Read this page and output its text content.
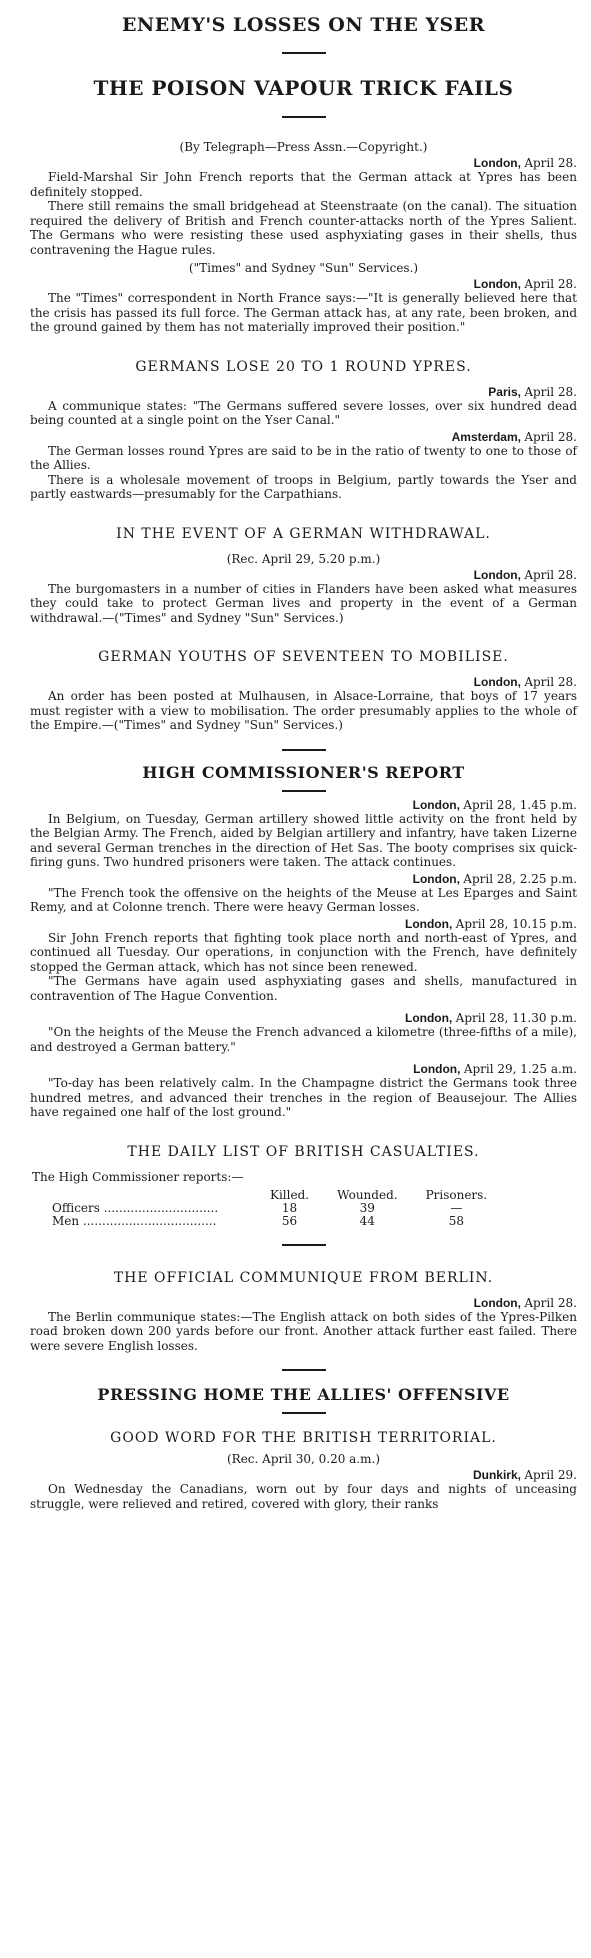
ENEMY'S LOSSES ON THE YSER
THE POISON VAPOUR TRICK FAILS
(By Telegraph—Press Assn.—Copyright.)
London, April 28.

Field-Marshal Sir John French reports that the German attack at Ypres has been definitely stopped.

There still remains the small bridgehead at Steenstraate (on the canal). The situation required the delivery of British and French counter-attacks north of the Ypres Salient. The Germans who were resisting these used asphyxiating gases in their shells, thus contravening the Hague rules.

("Times" and Sydney "Sun" Services.)
London, April 28.

The "Times" correspondent in North France says:—"It is generally believed here that the crisis has passed its full force. The German attack has, at any rate, been broken, and the ground gained by them has not materially improved their position."

GERMANS LOSE 20 TO 1 ROUND YPRES.
Paris, April 28.

A communique states: "The Germans suffered severe losses, over six hundred dead being counted at a single point on the Yser Canal."

Amsterdam, April 28.

The German losses round Ypres are said to be in the ratio of twenty to one to those of the Allies.

There is a wholesale movement of troops in Belgium, partly towards the Yser and partly eastwards—presumably for the Carpathians.

IN THE EVENT OF A GERMAN WITHDRAWAL.
(Rec. April 29, 5.20 p.m.)
London, April 28.

The burgomasters in a number of cities in Flanders have been asked what measures they could take to protect German lives and property in the event of a German withdrawal.—("Times" and Sydney "Sun" Services.)

GERMAN YOUTHS OF SEVENTEEN TO MOBILISE.
London, April 28.

An order has been posted at Mulhausen, in Alsace-Lorraine, that boys of 17 years must register with a view to mobilisation. The order presumably applies to the whole of the Empire.—("Times" and Sydney "Sun" Services.)

HIGH COMMISSIONER'S REPORT
London, April 28, 1.45 p.m.

In Belgium, on Tuesday, German artillery showed little activity on the front held by the Belgian Army. The French, aided by Belgian artillery and infantry, have taken Lizerne and several German trenches in the direction of Het Sas. The booty comprises six quick-firing guns. Two hundred prisoners were taken. The attack continues.

London, April 28, 2.25 p.m.

"The French took the offensive on the heights of the Meuse at Les Eparges and Saint Remy, and at Colonne trench. There were heavy German losses.

London, April 28, 10.15 p.m.

Sir John French reports that fighting took place north and north-east of Ypres, and continued all Tuesday. Our operations, in conjunction with the French, have definitely stopped the German attack, which has not since been renewed.

"The Germans have again used asphyxiating gases and shells, manufactured in contravention of The Hague Convention.

London, April 28, 11.30 p.m.

"On the heights of the Meuse the French advanced a kilometre (three-fifths of a mile), and destroyed a German battery."

London, April 29, 1.25 a.m.

"To-day has been relatively calm. In the Champagne district the Germans took three hundred metres, and advanced their trenches in the region of Beausejour. The Allies have regained one half of the lost ground."

THE DAILY LIST OF BRITISH CASUALTIES.
The High Commissioner reports:—
	Killed.	Wounded.	Prisoners.
Officers ..............................	18	39	—
Men ...................................	56	44	58
THE OFFICIAL COMMUNIQUE FROM BERLIN.
London, April 28.

The Berlin communique states:—The English attack on both sides of the Ypres-Pilken road broken down 200 yards before our front. Another attack further east failed. There were severe English losses.

PRESSING HOME THE ALLIES' OFFENSIVE
GOOD WORD FOR THE BRITISH TERRITORIAL.
(Rec. April 30, 0.20 a.m.)
Dunkirk, April 29.

On Wednesday the Canadians, worn out by four days and nights of unceasing struggle, were relieved and retired, covered with glory, their ranks
